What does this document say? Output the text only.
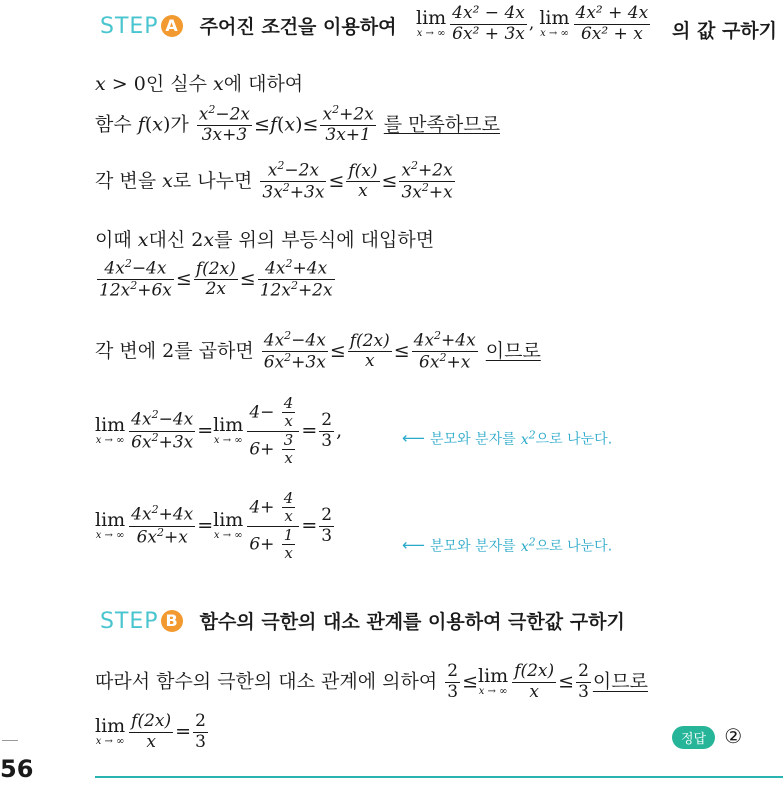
STEP A 주어진 조건을 이용하여 lim
x → ∞ $\frac{\text{4x² − 4x}}{\text{6x² + 3x}}$ , lim
x → ∞ $\frac{\text{4x² + 4x}}{\text{6x² + x}}$ 의 값 구하기
x > 0인 실수 x에 대하여
함수 f(x)가 $\frac{x^2-2x}{3x+3} \le f(x)\le \frac{x^2+2x}{3x+1}$ 를 만족하므로
각 변을 x로 나누면 $\frac{x^2-2x}{3x^2+3x} \le \frac{f(x)}{x} \le \frac{x^2+2x}{3x^2+x}$
이때 x대신 2x를 위의 부등식에 대입하면
$\frac{4x^2-4x}{12x^2+6x} \le \frac{f(2x)}{2x} \le \frac{4x^2+4x}{12x^2+2x}$
각 변에 2를 곱하면 $\frac{4x^2-4x}{6x^2+3x} \le \frac{f(2x)}{x} \le \frac{4x^2+4x}{6x^2+x}$ 이므로
lim
x → ∞ $\frac{4x^2-4x}{6x^2+3x} = \lim$
x → ∞ $\frac{4- \frac{4}{x}}{6+ \frac{3}{x}} = \frac{2}{3}$ ,	⟵ 분모와 분자를 $x^2$으로 나눈다.
lim
x → ∞ $\frac{4x^2+4x}{6x^2+x} = \lim$
x → ∞ $\frac{4+ \frac{4}{x}}{6+ \frac{1}{x}} = \frac{2}{3}$	⟵ 분모와 분자를 $x^2$으로 나눈다.
STEP B 함수의 극한의 대소 관계를 이용하여 극한값 구하기
따라서 함수의 극한의 대소 관계에 의하여 $\frac{2}{3} \le \lim$
x → ∞ $\frac{f(2x)}{x} \le \frac{2}{3}$ 이므로
lim
x → ∞ $\frac{f(2x)}{x} = \frac{2}{3}$	정답 ②
56
